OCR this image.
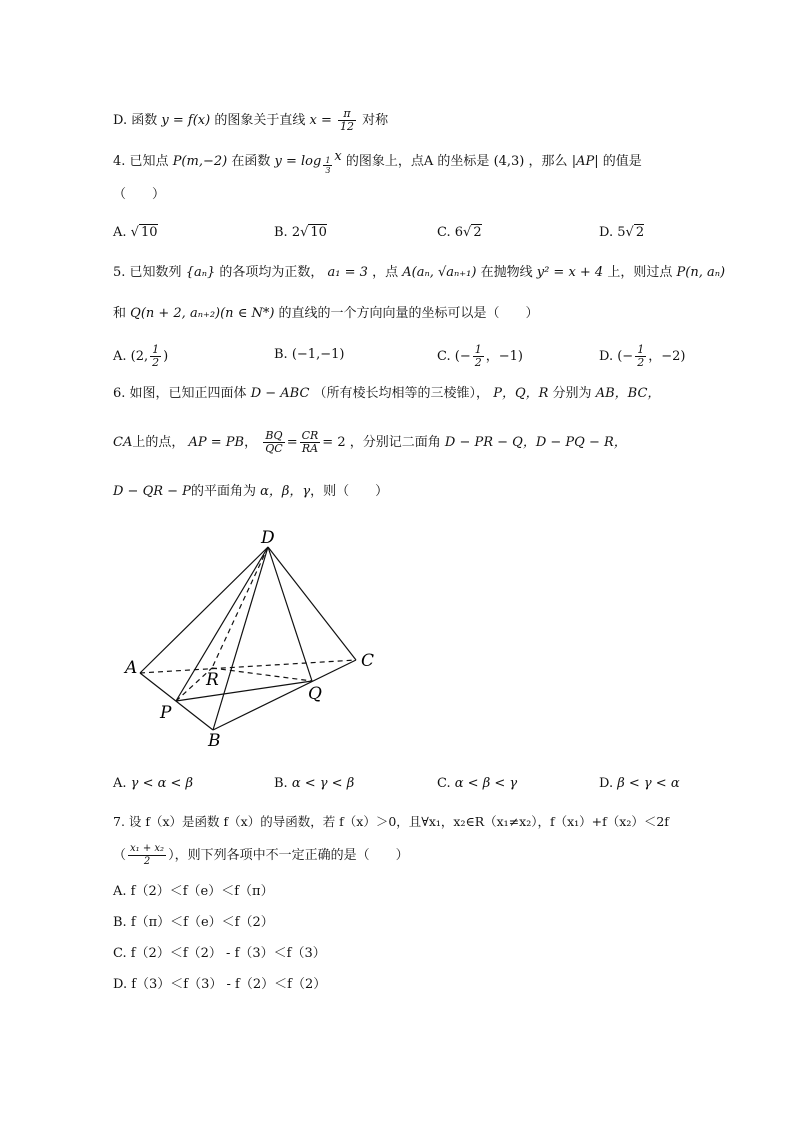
D. 函数 y = f(x) 的图象关于直线 $x = \frac{\pi}{12}$ 对称
4. 已知点 P(m,−2) 在函数 $y = \log \frac{1}{3}$ x 的图象上，点A 的坐标是 (4,3) ，那么 |AP| 的值是
（　　）
A. √ 10	B. 2√ 10	C. 6√ 2	D. 5√ 2
5. 已知数列 {aₙ} 的各项均为正数， a₁ = 3 ，点 A(aₙ, √aₙ₊₁) 在抛物线 y² = x + 4 上，则过点 P(n, aₙ)
和 Q(n + 2, aₙ₊₂)(n ∈ N*) 的直线的一个方向向量的坐标可以是（　　）
A. (2, $\frac{1}{2}$ )	B. (−1,−1)	C. (− $\frac{1}{2}$ ，−1)	D. (− $\frac{1}{2}$ ，−2)
6. 如图，已知正四面体 D − ABC （所有棱长均相等的三棱锥）， P，Q，R 分别为 AB，BC，
CA上的点， AP = PB， $\frac{BQ}{QC} = \frac{CR}{RA} = 2$ ，分别记二面角 D − PR − Q，D − PQ − R，
D − QR − P的平面角为 α，β，γ，则（　　）
D
A	C
R
Q
P
B
A. γ < α < β	B. α < γ < β	C. α < β < γ	D. β < γ < α
7. 设 f（x）是函数 f（x）的导函数，若 f（x）＞0，且∀x₁，x₂∈R（x₁≠x₂），f（x₁）+f（x₂）＜2f
（ $\frac{\text{x₁ + x₂}}{2}$ ），则下列各项中不一定正确的是（　　）
A. f（2）＜f（e）＜f（π）
B. f（π）＜f（e）＜f（2）
C. f（2）＜f（2） - f（3）＜f（3）
D. f（3）＜f（3） - f（2）＜f（2）
